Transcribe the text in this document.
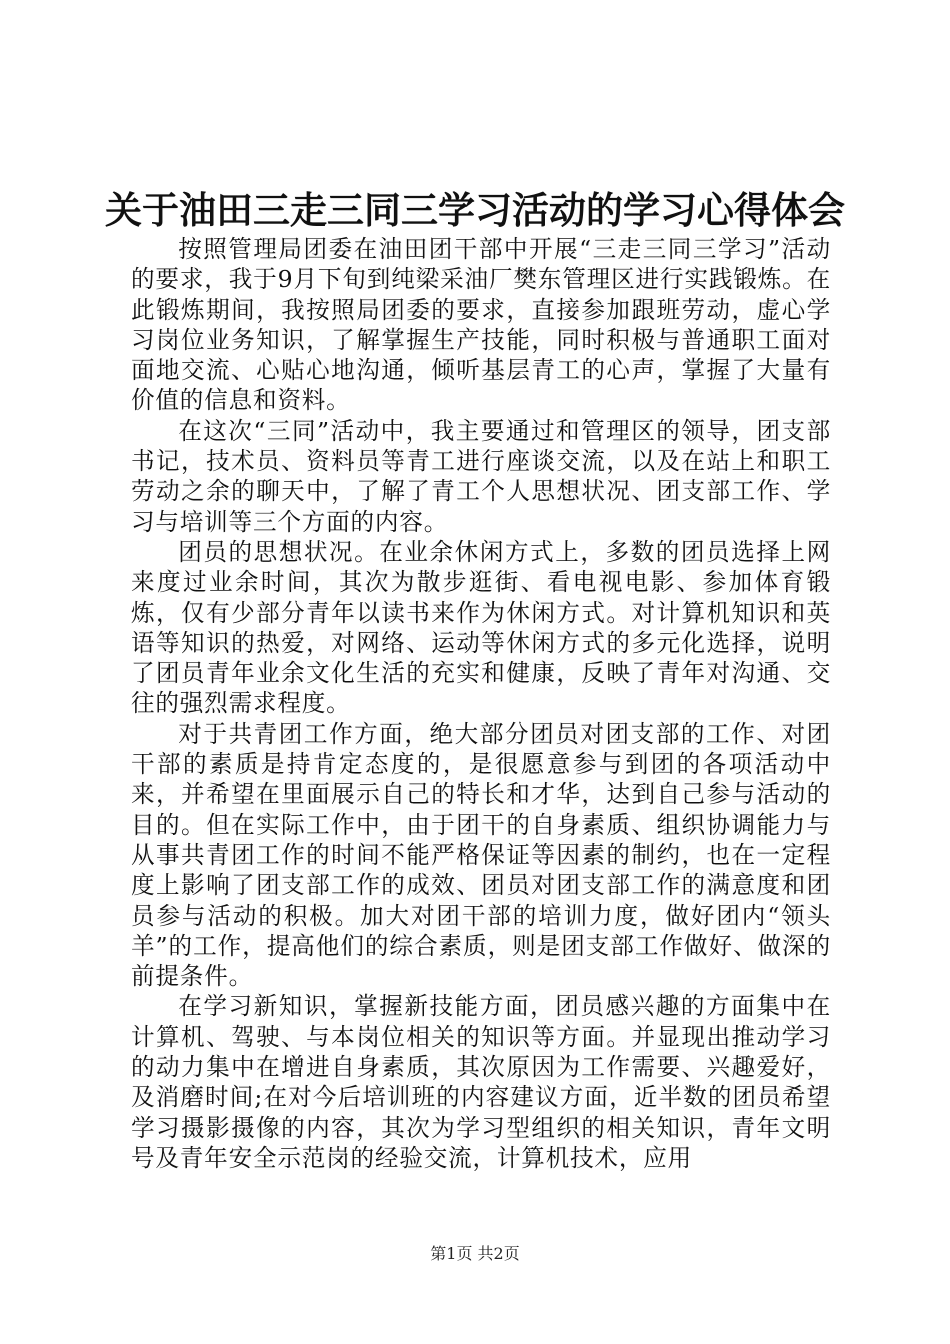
关于油田三走三同三学习活动的学习心得体会

按照管理局团委在油田团干部中开展“三走三同三学习”活动的要求，我于9月下旬到纯梁采油厂樊东管理区进行实践锻炼。在此锻炼期间，我按照局团委的要求，直接参加跟班劳动，虚心学习岗位业务知识，了解掌握生产技能，同时积极与普通职工面对面地交流、心贴心地沟通，倾听基层青工的心声，掌握了大量有价值的信息和资料。

在这次“三同”活动中，我主要通过和管理区的领导，团支部书记，技术员、资料员等青工进行座谈交流，以及在站上和职工劳动之余的聊天中，了解了青工个人思想状况、团支部工作、学习与培训等三个方面的内容。

团员的思想状况。在业余休闲方式上，多数的团员选择上网来度过业余时间，其次为散步逛街、看电视电影、参加体育锻炼，仅有少部分青年以读书来作为休闲方式。对计算机知识和英语等知识的热爱，对网络、运动等休闲方式的多元化选择，说明了团员青年业余文化生活的充实和健康，反映了青年对沟通、交往的强烈需求程度。

对于共青团工作方面，绝大部分团员对团支部的工作、对团干部的素质是持肯定态度的，是很愿意参与到团的各项活动中来，并希望在里面展示自己的特长和才华，达到自己参与活动的目的。但在实际工作中，由于团干的自身素质、组织协调能力与从事共青团工作的时间不能严格保证等因素的制约，也在一定程度上影响了团支部工作的成效、团员对团支部工作的满意度和团员参与活动的积极。加大对团干部的培训力度，做好团内“领头羊”的工作，提高他们的综合素质，则是团支部工作做好、做深的前提条件。

在学习新知识，掌握新技能方面，团员感兴趣的方面集中在计算机、驾驶、与本岗位相关的知识等方面。并显现出推动学习的动力集中在增进自身素质，其次原因为工作需要、兴趣爱好，及消磨时间;在对今后培训班的内容建议方面，近半数的团员希望学习摄影摄像的内容，其次为学习型组织的相关知识，青年文明号及青年安全示范岗的经验交流，计算机技术，应用

第1页 共2页
